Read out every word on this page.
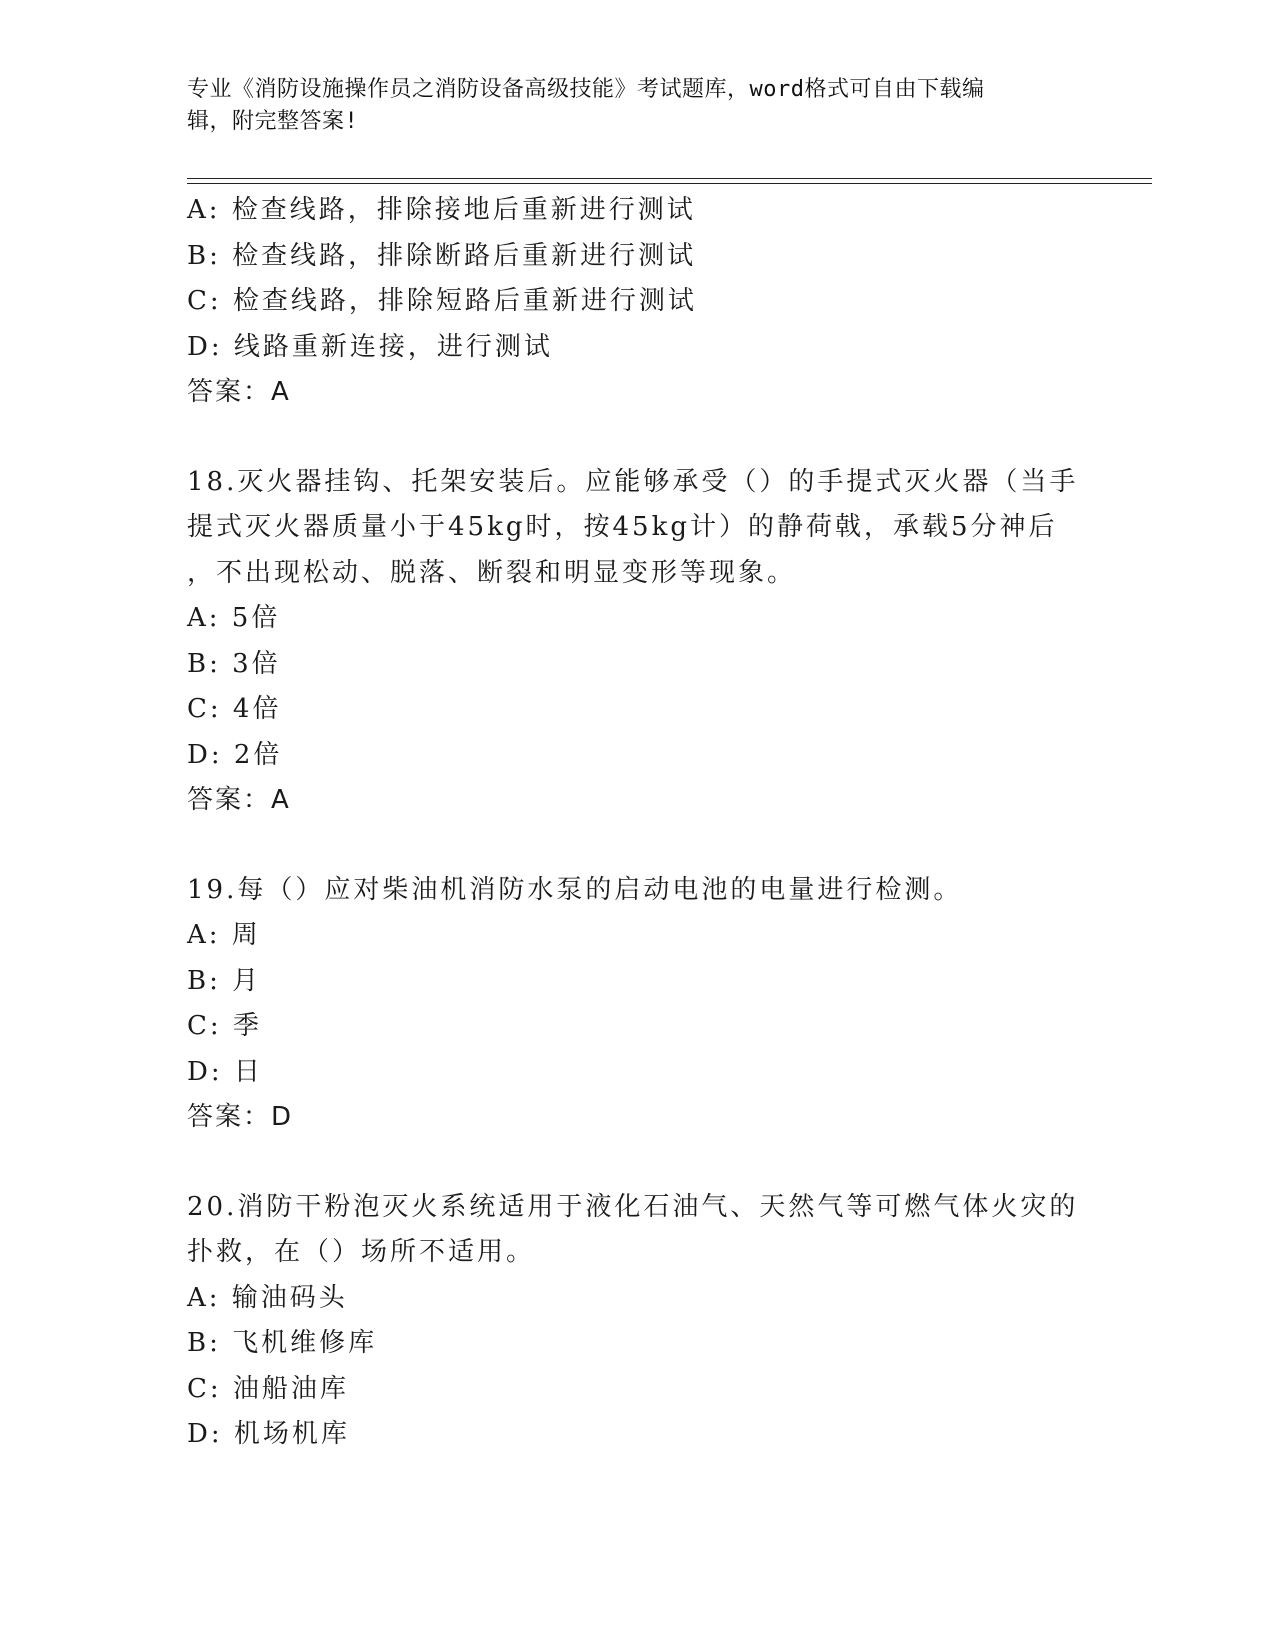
专业《消防设施操作员之消防设备高级技能》考试题库，word格式可自由下载编
辑，附完整答案!
A: 检查线路，排除接地后重新进行测试
B: 检查线路，排除断路后重新进行测试
C: 检查线路，排除短路后重新进行测试
D: 线路重新连接，进行测试
答案：A
18.灭火器挂钩、托架安装后。应能够承受（）的手提式灭火器（当手
提式灭火器质量小于45kg时，按45kg计）的静荷戟，承载5分神后
，不出现松动、脱落、断裂和明显变形等现象。
A: 5倍
B: 3倍
C: 4倍
D: 2倍
答案：A
19.每（）应对柴油机消防水泵的启动电池的电量进行检测。
A: 周
B: 月
C: 季
D: 日
答案：D
20.消防干粉泡灭火系统适用于液化石油气、天然气等可燃气体火灾的
扑救，在（）场所不适用。
A: 输油码头
B: 飞机维修库
C: 油船油库
D: 机场机库
